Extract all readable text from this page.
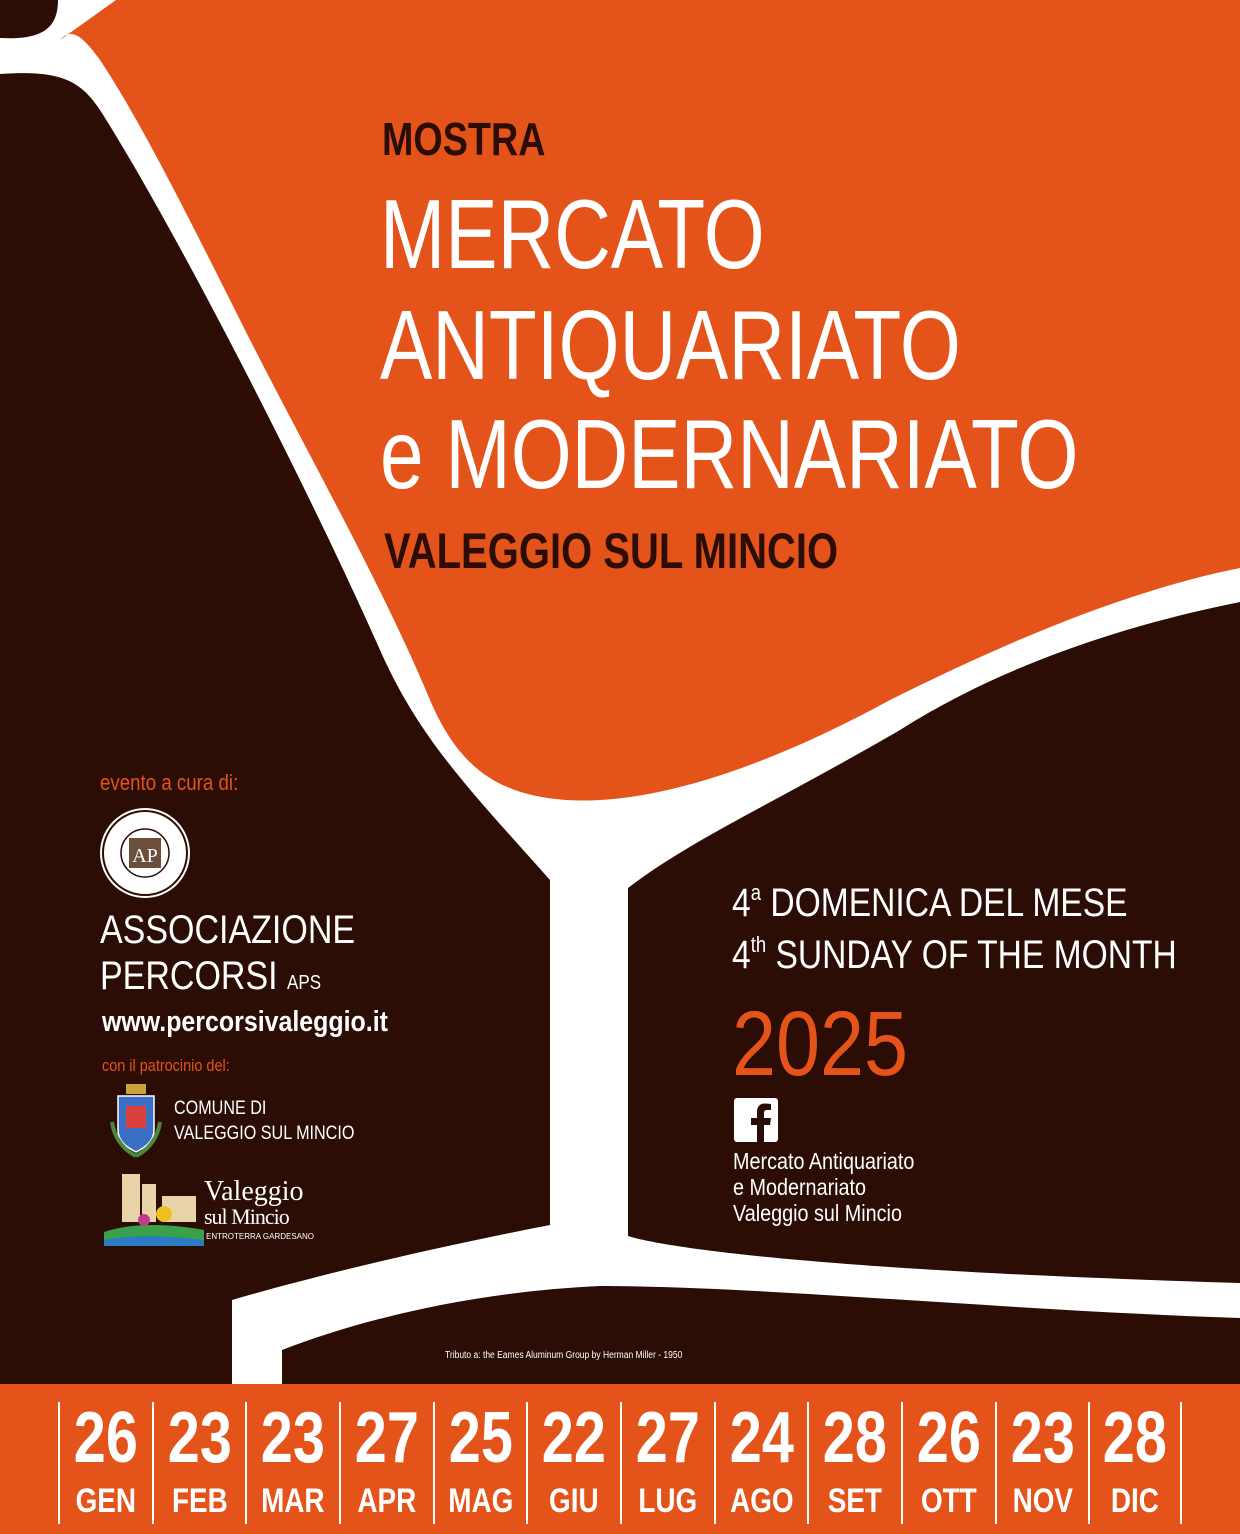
MOSTRA
MERCATO
ANTIQUARIATO
e MODERNARIATO
VALEGGIO SUL MINCIO
evento a cura di:
AP
ASSOCIAZIONE
PERCORSI APS
www.percorsivaleggio.it
con il patrocinio del:
COMUNE DI
VALEGGIO SUL MINCIO
Valeggio
sul Mincio
ENTROTERRA GARDESANO
4$^a$ DOMENICA DEL MESE
4th SUNDAY OF THE MONTH
2025
Mercato Antiquariato
e Modernariato
Valeggio sul Mincio
Tributo a: the Eames Aluminum Group by Herman Miller - 1950
26
GEN
23
FEB
23
MAR
27
APR
25
MAG
22
GIU
27
LUG
24
AGO
28
SET
26
OTT
23
NOV
28
DIC
